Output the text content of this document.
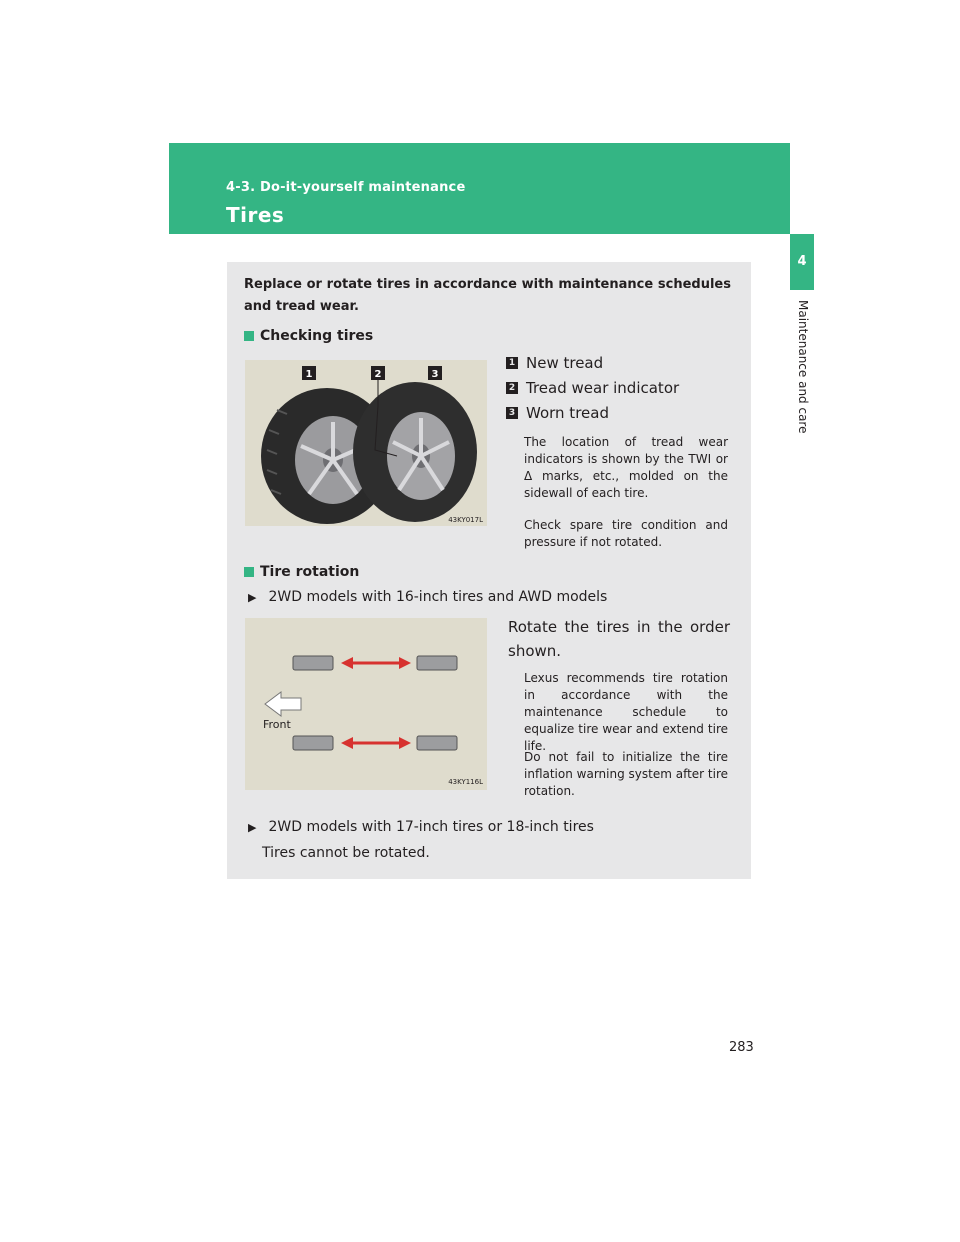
4-3. Do-it-yourself maintenance
Tires
4
Maintenance and care
Replace or rotate tires in accordance with maintenance schedules and tread wear.
Checking tires
1	2	3
43KY017L
1 New tread
2 Tread wear indicator
3 Worn tread
The location of tread wear indicators is shown by the TWI or Δ marks, etc., molded on the sidewall of each tire.
Check spare tire condition and pressure if not rotated.
Tire rotation
▶ 2WD models with 16-inch tires and AWD models
Front
43KY116L
Rotate the tires in the order shown.
Lexus recommends tire rotation in accordance with the maintenance schedule to equalize tire wear and extend tire life.
Do not fail to initialize the tire inflation warning system after tire rotation.
▶ 2WD models with 17-inch tires or 18-inch tires
Tires cannot be rotated.
283
